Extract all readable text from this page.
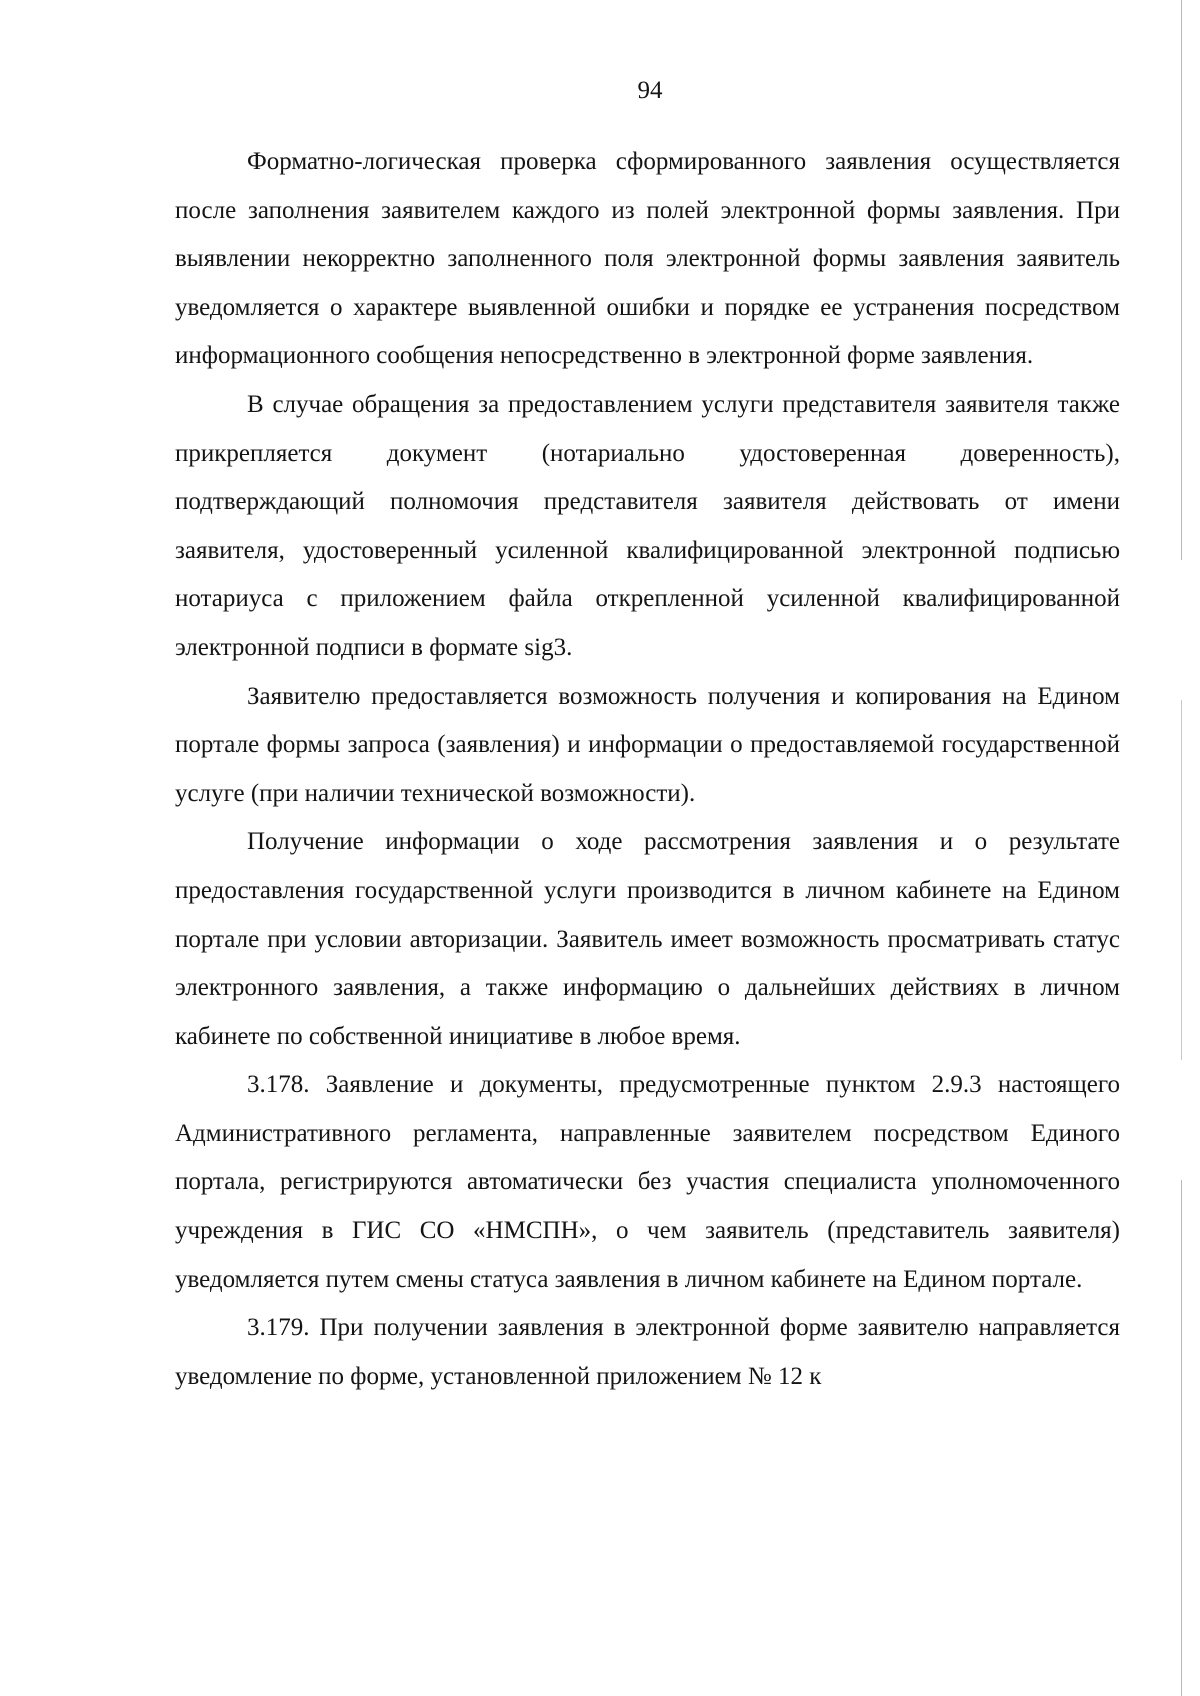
94

Форматно-логическая проверка сформированного заявления осуществляется после заполнения заявителем каждого из полей электронной формы заявления. При выявлении некорректно заполненного поля электронной формы заявления заявитель уведомляется о характере выявленной ошибки и порядке ее устранения посредством информационного сообщения непосредственно в электронной форме заявления.

В случае обращения за предоставлением услуги представителя заявителя также прикрепляется документ (нотариально удостоверенная доверенность), подтверждающий полномочия представителя заявителя действовать от имени заявителя, удостоверенный усиленной квалифицированной электронной подписью нотариуса с приложением файла открепленной усиленной квалифицированной электронной подписи в формате sig3.

Заявителю предоставляется возможность получения и копирования на Едином портале формы запроса (заявления) и информации о предоставляемой государственной услуге (при наличии технической возможности).

Получение информации о ходе рассмотрения заявления и о результате предоставления государственной услуги производится в личном кабинете на Едином портале при условии авторизации. Заявитель имеет возможность просматривать статус электронного заявления, а также информацию о дальнейших действиях в личном кабинете по собственной инициативе в любое время.

3.178. Заявление и документы, предусмотренные пунктом 2.9.3 настоящего Административного регламента, направленные заявителем посредством Единого портала, регистрируются автоматически без участия специалиста уполномоченного учреждения в ГИС СО «НМСПН», о чем заявитель (представитель заявителя) уведомляется путем смены статуса заявления в личном кабинете на Едином портале.

3.179. При получении заявления в электронной форме заявителю направляется уведомление по форме, установленной приложением № 12 к
